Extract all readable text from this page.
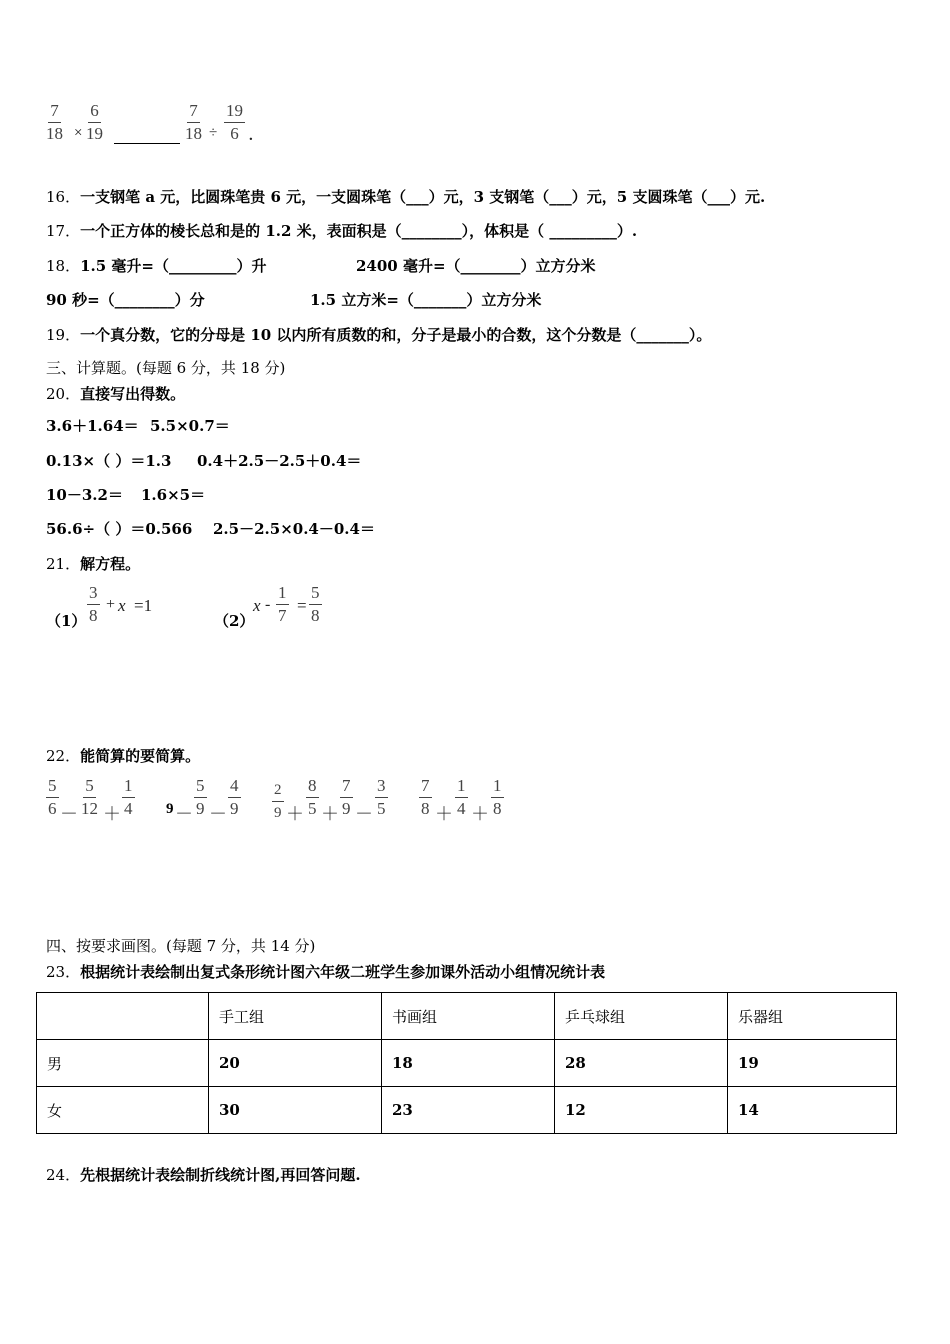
$\frac{7}{18} \times \frac{6}{19}$	$\frac{7}{18} \div \frac{19}{6}$ .
16．一支钢笔 a 元，比圆珠笔贵 6 元，一支圆珠笔（___）元，3 支钢笔（___）元，5 支圆珠笔（___）元.
17．一个正方体的棱长总和是的 1.2 米，表面积是（________），体积是（ _________）.
18．1.5 毫升=（_________）升	2400 毫升=（________）立方分米
90 秒=（________）分	1.5 立方米=（_______）立方分米
19．一个真分数，它的分母是 10 以内所有质数的和，分子是最小的合数，这个分数是（_______）。
三、计算题。(每题 6 分，共 18 分)
20．直接写出得数。
3.6＋1.64＝ 5.5×0.7＝
0.13×（ ）＝1.3 0.4＋2.5－2.5＋0.4＝
10－3.2＝ 1.6×5＝
56.6÷（ ）＝0.566 2.5－2.5×0.4－0.4＝
21．解方程。
$(1) \frac{3}{8} + x =1$
（2）
$x - \frac{1}{7} = \frac{5}{8}$
22．能简算的要简算。
$\frac{5}{6} - \frac{5}{12} + \frac{1}{4} 9 - \frac{5}{9} - \frac{4}{9} \frac{2}{9} + \frac{8}{5} + \frac{7}{9} - \frac{3}{5} \frac{7}{8} + \frac{1}{4} + \frac{1}{8}$
四、按要求画图。(每题 7 分，共 14 分)
23．根据统计表绘制出复式条形统计图六年级二班学生参加课外活动小组情况统计表
	手工组	书画组	乒乓球组	乐器组
男	20	18	28	19
女	30	23	12	14
24．先根据统计表绘制折线统计图,再回答问题.
